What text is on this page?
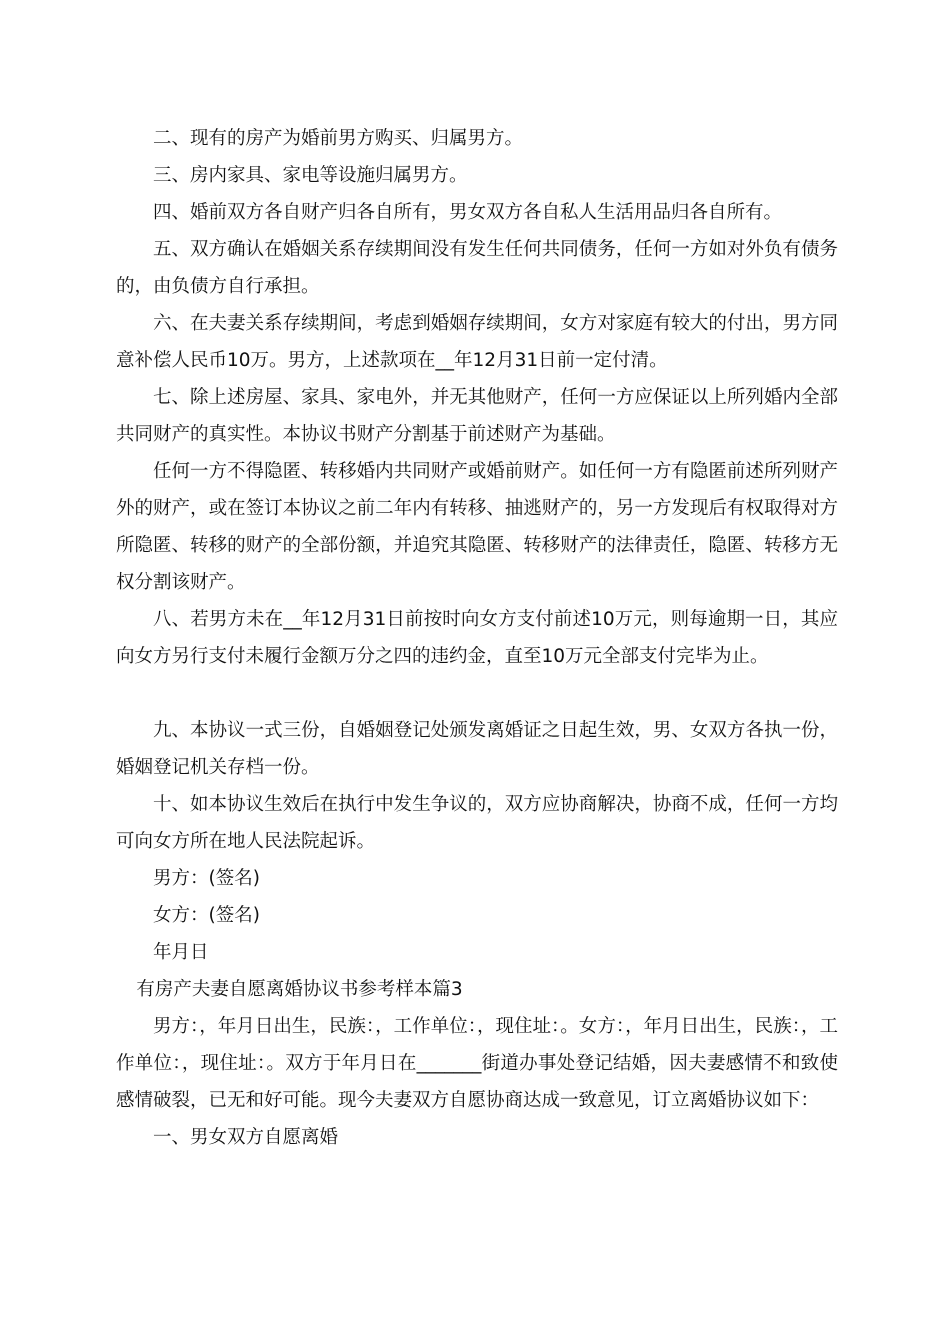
二、现有的房产为婚前男方购买、归属男方。

三、房内家具、家电等设施归属男方。

四、婚前双方各自财产归各自所有，男女双方各自私人生活用品归各自所有。

五、双方确认在婚姻关系存续期间没有发生任何共同债务，任何一方如对外负有债务的，由负债方自行承担。

六、在夫妻关系存续期间，考虑到婚姻存续期间，女方对家庭有较大的付出，男方同意补偿人民币10万。男方，上述款项在__年12月31日前一定付清。

七、除上述房屋、家具、家电外，并无其他财产，任何一方应保证以上所列婚内全部共同财产的真实性。本协议书财产分割基于前述财产为基础。

任何一方不得隐匿、转移婚内共同财产或婚前财产。如任何一方有隐匿前述所列财产外的财产，或在签订本协议之前二年内有转移、抽逃财产的，另一方发现后有权取得对方所隐匿、转移的财产的全部份额，并追究其隐匿、转移财产的法律责任，隐匿、转移方无权分割该财产。

八、若男方未在__年12月31日前按时向女方支付前述10万元，则每逾期一日，其应向女方另行支付未履行金额万分之四的违约金，直至10万元全部支付完毕为止。

九、本协议一式三份，自婚姻登记处颁发离婚证之日起生效，男、女双方各执一份，婚姻登记机关存档一份。

十、如本协议生效后在执行中发生争议的，双方应协商解决，协商不成，任何一方均可向女方所在地人民法院起诉。

男方：(签名)

女方：(签名)

年月日

有房产夫妻自愿离婚协议书参考样本篇3

男方：，年月日出生，民族：，工作单位：，现住址：。女方：，年月日出生，民族：，工作单位：，现住址：。双方于年月日在_______街道办事处登记结婚，因夫妻感情不和致使感情破裂，已无和好可能。现今夫妻双方自愿协商达成一致意见，订立离婚协议如下：

一、男女双方自愿离婚
